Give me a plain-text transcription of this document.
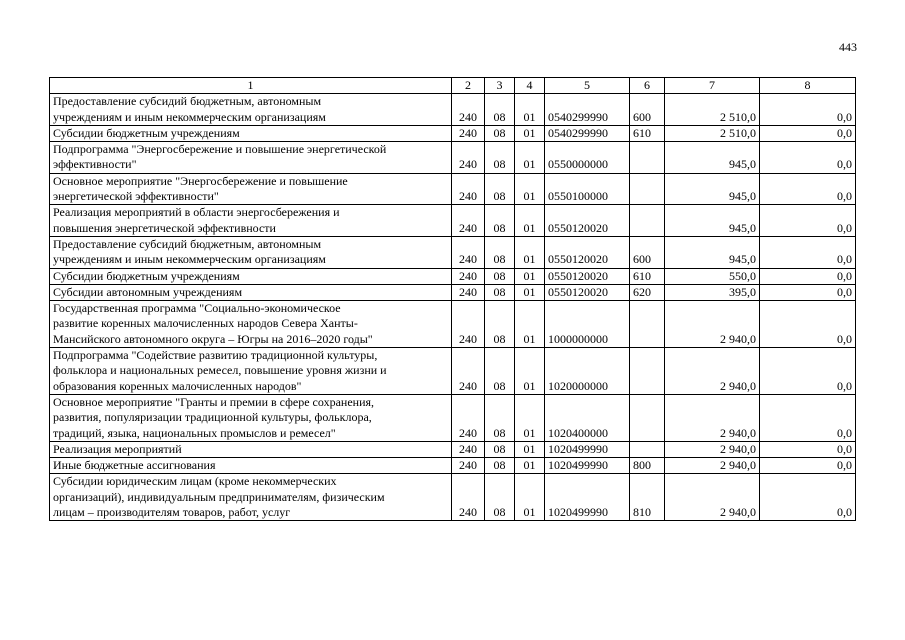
443
1	2	3	4	5	6	7	8
Предоставление субсидий бюджетным, автономным
учреждениям и иным некоммерческим организациям	240	08	01	0540299990	600	2 510,0	0,0
Субсидии бюджетным учреждениям	240	08	01	0540299990	610	2 510,0	0,0
Подпрограмма "Энергосбережение и повышение энергетической
эффективности"	240	08	01	0550000000		945,0	0,0
Основное мероприятие "Энергосбережение и повышение
энергетической эффективности"	240	08	01	0550100000		945,0	0,0
Реализация мероприятий в области энергосбережения и
повышения энергетической эффективности	240	08	01	0550120020		945,0	0,0
Предоставление субсидий бюджетным, автономным
учреждениям и иным некоммерческим организациям	240	08	01	0550120020	600	945,0	0,0
Субсидии бюджетным учреждениям	240	08	01	0550120020	610	550,0	0,0
Субсидии автономным учреждениям	240	08	01	0550120020	620	395,0	0,0
Государственная программа "Социально-экономическое
развитие коренных малочисленных народов Севера Ханты-
Мансийского автономного округа – Югры на 2016–2020 годы"	240	08	01	1000000000		2 940,0	0,0
Подпрограмма "Содействие развитию традиционной культуры,
фольклора и национальных ремесел, повышение уровня жизни и
образования коренных малочисленных народов"	240	08	01	1020000000		2 940,0	0,0
Основное мероприятие "Гранты и премии в сфере сохранения,
развития, популяризации традиционной культуры, фольклора,
традиций, языка, национальных промыслов и ремесел"	240	08	01	1020400000		2 940,0	0,0
Реализация мероприятий	240	08	01	1020499990		2 940,0	0,0
Иные бюджетные ассигнования	240	08	01	1020499990	800	2 940,0	0,0
Субсидии юридическим лицам (кроме некоммерческих
организаций), индивидуальным предпринимателям, физическим
лицам – производителям товаров, работ, услуг	240	08	01	1020499990	810	2 940,0	0,0
